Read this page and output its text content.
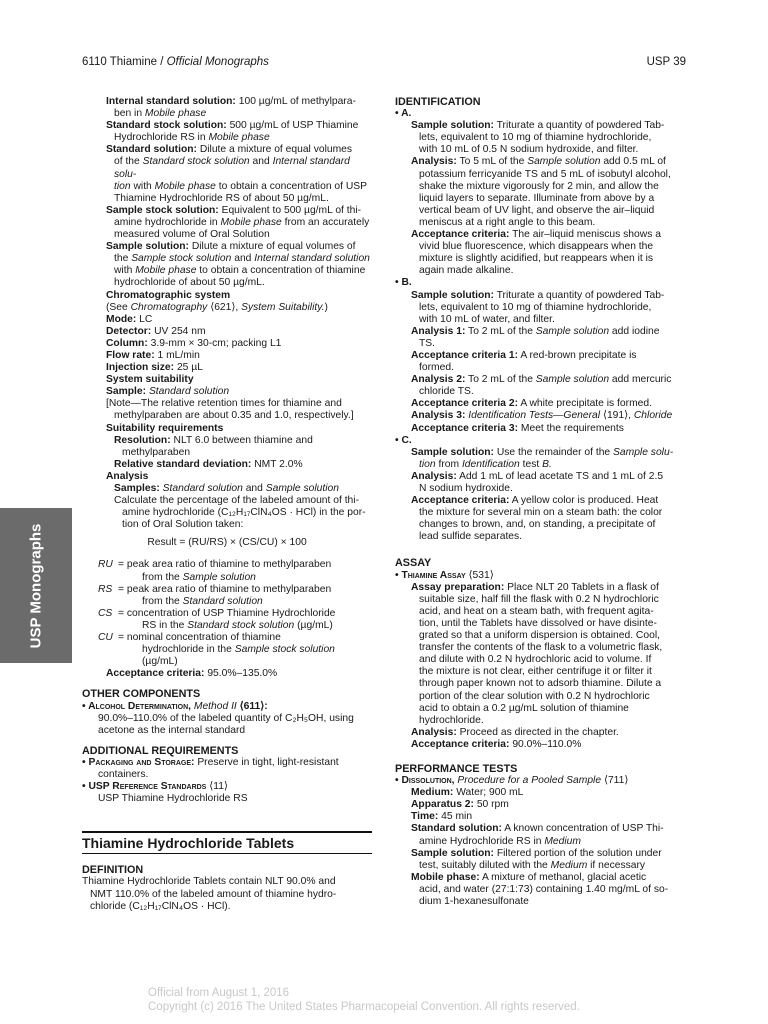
6110 Thiamine / Official Monographs	USP 39
USP Monographs

Internal standard solution: 100 µg/mL of methylpara-

ben in Mobile phase

Standard stock solution: 500 µg/mL of USP Thiamine

Hydrochloride RS in Mobile phase

Standard solution: Dilute a mixture of equal volumes

of the Standard stock solution and Internal standard solu-

tion with Mobile phase to obtain a concentration of USP

Thiamine Hydrochloride RS of about 50 µg/mL.

Sample stock solution: Equivalent to 500 µg/mL of thi-

amine hydrochloride in Mobile phase from an accurately

measured volume of Oral Solution

Sample solution: Dilute a mixture of equal volumes of

the Sample stock solution and Internal standard solution

with Mobile phase to obtain a concentration of thiamine

hydrochloride of about 50 µg/mL.

Chromatographic system

(See Chromatography ⟨621⟩, System Suitability.)

Mode: LC

Detector: UV 254 nm

Column: 3.9-mm × 30-cm; packing L1

Flow rate: 1 mL/min

Injection size: 25 µL

System suitability

Sample: Standard solution

[Note—The relative retention times for thiamine and

methylparaben are about 0.35 and 1.0, respectively.]

Suitability requirements

Resolution: NLT 6.0 between thiamine and

methylparaben

Relative standard deviation: NMT 2.0%

Analysis

Samples: Standard solution and Sample solution

Calculate the percentage of the labeled amount of thi-

amine hydrochloride (C₁₂H₁₇ClN₄OS · HCl) in the por-

tion of Oral Solution taken:

Result = (RU/RS) × (CS/CU) × 100

RU = peak area ratio of thiamine to methylparaben
from the Sample solution
RS = peak area ratio of thiamine to methylparaben
from the Standard solution
CS = concentration of USP Thiamine Hydrochloride
RS in the Standard stock solution (µg/mL)
CU = nominal concentration of thiamine
hydrochloride in the Sample stock solution
(µg/mL)

Acceptance criteria: 95.0%–135.0%

OTHER COMPONENTS

• Alcohol Determination, Method II ⟨611⟩:

90.0%–110.0% of the labeled quantity of C₂H₅OH, using

acetone as the internal standard

ADDITIONAL REQUIREMENTS

• Packaging and Storage: Preserve in tight, light-resistant

containers.

• USP Reference Standards ⟨11⟩

USP Thiamine Hydrochloride RS

Thiamine Hydrochloride Tablets

DEFINITION

Thiamine Hydrochloride Tablets contain NLT 90.0% and

NMT 110.0% of the labeled amount of thiamine hydro-

chloride (C₁₂H₁₇ClN₄OS · HCl).

IDENTIFICATION

• A.

Sample solution: Triturate a quantity of powdered Tab-

lets, equivalent to 10 mg of thiamine hydrochloride,

with 10 mL of 0.5 N sodium hydroxide, and filter.

Analysis: To 5 mL of the Sample solution add 0.5 mL of

potassium ferricyanide TS and 5 mL of isobutyl alcohol,

shake the mixture vigorously for 2 min, and allow the

liquid layers to separate. Illuminate from above by a

vertical beam of UV light, and observe the air–liquid

meniscus at a right angle to this beam.

Acceptance criteria: The air–liquid meniscus shows a

vivid blue fluorescence, which disappears when the

mixture is slightly acidified, but reappears when it is

again made alkaline.

• B.

Sample solution: Triturate a quantity of powdered Tab-

lets, equivalent to 10 mg of thiamine hydrochloride,

with 10 mL of water, and filter.

Analysis 1: To 2 mL of the Sample solution add iodine

TS.

Acceptance criteria 1: A red-brown precipitate is

formed.

Analysis 2: To 2 mL of the Sample solution add mercuric

chloride TS.

Acceptance criteria 2: A white precipitate is formed.

Analysis 3: Identification Tests—General ⟨191⟩, Chloride

Acceptance criteria 3: Meet the requirements

• C.

Sample solution: Use the remainder of the Sample solu-

tion from Identification test B.

Analysis: Add 1 mL of lead acetate TS and 1 mL of 2.5

N sodium hydroxide.

Acceptance criteria: A yellow color is produced. Heat

the mixture for several min on a steam bath: the color

changes to brown, and, on standing, a precipitate of

lead sulfide separates.

ASSAY

• Thiamine Assay ⟨531⟩

Assay preparation: Place NLT 20 Tablets in a flask of

suitable size, half fill the flask with 0.2 N hydrochloric

acid, and heat on a steam bath, with frequent agita-

tion, until the Tablets have dissolved or have disinte-

grated so that a uniform dispersion is obtained. Cool,

transfer the contents of the flask to a volumetric flask,

and dilute with 0.2 N hydrochloric acid to volume. If

the mixture is not clear, either centrifuge it or filter it

through paper known not to adsorb thiamine. Dilute a

portion of the clear solution with 0.2 N hydrochloric

acid to obtain a 0.2 µg/mL solution of thiamine

hydrochloride.

Analysis: Proceed as directed in the chapter.

Acceptance criteria: 90.0%–110.0%

PERFORMANCE TESTS

• Dissolution, Procedure for a Pooled Sample ⟨711⟩

Medium: Water; 900 mL

Apparatus 2: 50 rpm

Time: 45 min

Standard solution: A known concentration of USP Thi-

amine Hydrochloride RS in Medium

Sample solution: Filtered portion of the solution under

test, suitably diluted with the Medium if necessary

Mobile phase: A mixture of methanol, glacial acetic

acid, and water (27:1:73) containing 1.40 mg/mL of so-

dium 1-hexanesulfonate

Official from August 1, 2016
Copyright (c) 2016 The United States Pharmacopeial Convention. All rights reserved.
